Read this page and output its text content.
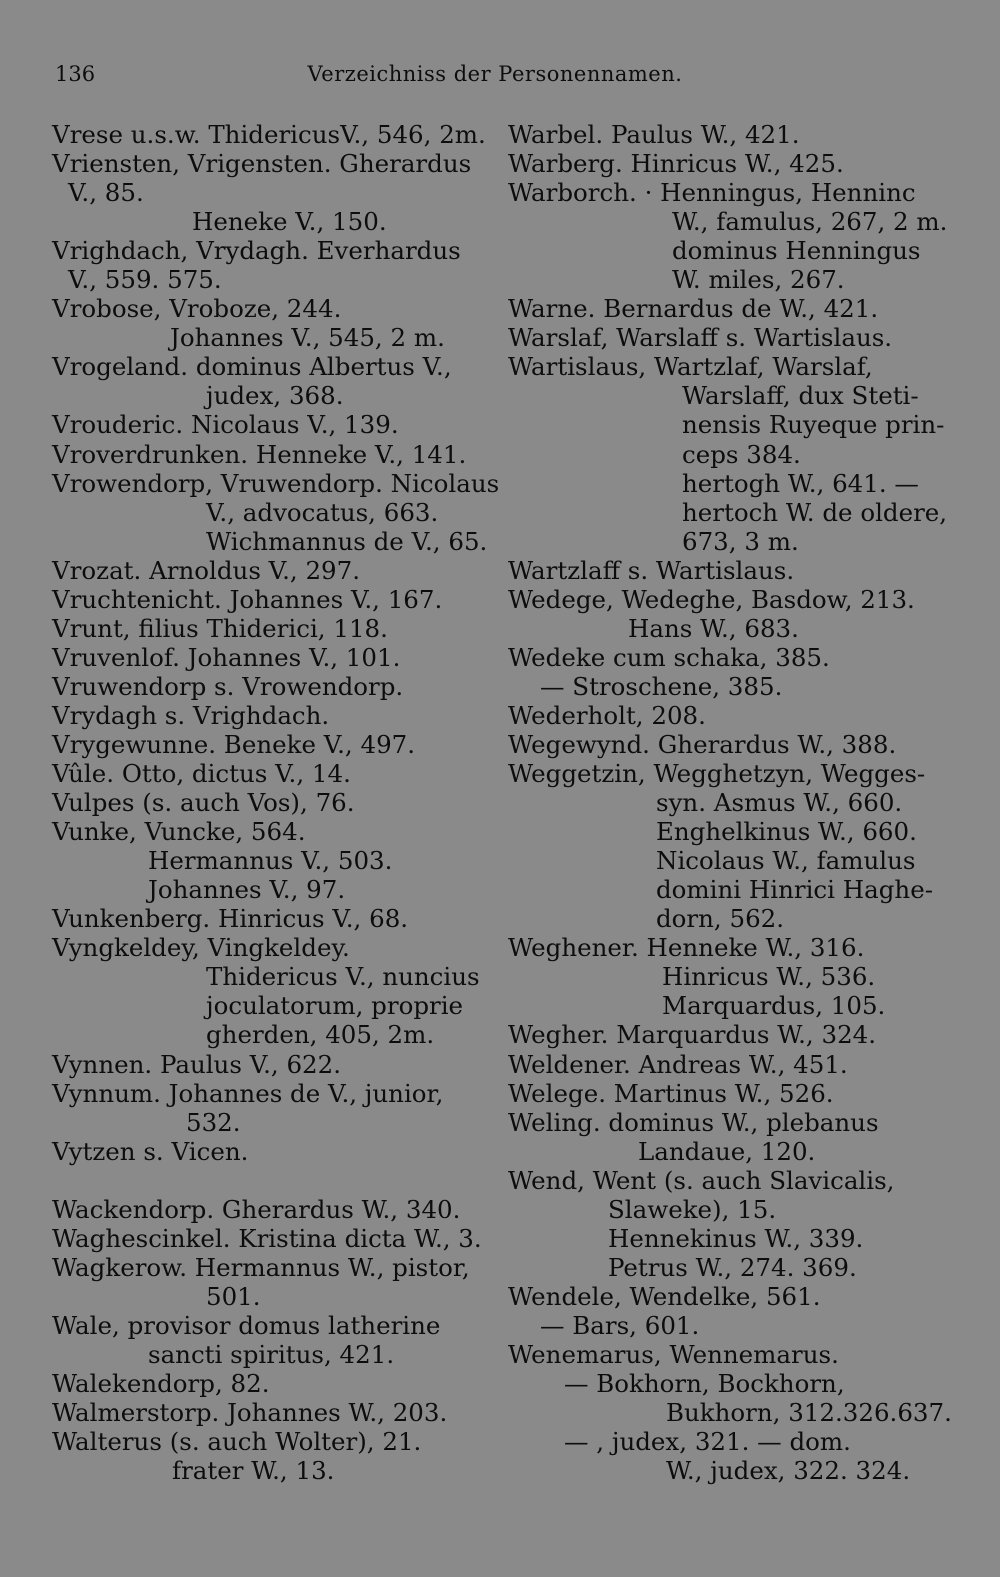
136	Verzeichniss der Personennamen.
Vrese u.s.w. ThidericusV., 546, 2m.
Vriensten, Vrigensten. Gherardus
V., 85.
Heneke V., 150.
Vrighdach, Vrydagh. Everhardus
V., 559. 575.
Vrobose, Vroboze, 244.
Johannes V., 545, 2 m.
Vrogeland. dominus Albertus V.,
judex, 368.
Vrouderic. Nicolaus V., 139.
Vroverdrunken. Henneke V., 141.
Vrowendorp, Vruwendorp. Nicolaus
V., advocatus, 663.
Wichmannus de V., 65.
Vrozat. Arnoldus V., 297.
Vruchtenicht. Johannes V., 167.
Vrunt, filius Thiderici, 118.
Vruvenlof. Johannes V., 101.
Vruwendorp s. Vrowendorp.
Vrydagh s. Vrighdach.
Vrygewunne. Beneke V., 497.
Vûle. Otto, dictus V., 14.
Vulpes (s. auch Vos), 76.
Vunke, Vuncke, 564.
Hermannus V., 503.
Johannes V., 97.
Vunkenberg. Hinricus V., 68.
Vyngkeldey, Vingkeldey.
Thidericus V., nuncius
joculatorum, proprie
gherden, 405, 2m.
Vynnen. Paulus V., 622.
Vynnum. Johannes de V., junior,
532.
Vytzen s. Vicen.
Wackendorp. Gherardus W., 340.
Waghescinkel. Kristina dicta W., 3.
Wagkerow. Hermannus W., pistor,
501.
Wale, provisor domus latherine
sancti spiritus, 421.
Walekendorp, 82.
Walmerstorp. Johannes W., 203.
Walterus (s. auch Wolter), 21.
frater W., 13.
Warbel. Paulus W., 421.
Warberg. Hinricus W., 425.
Warborch. · Henningus, Henninc
W., famulus, 267, 2 m.
dominus Henningus
W. miles, 267.
Warne. Bernardus de W., 421.
Warslaf, Warslaff s. Wartislaus.
Wartislaus, Wartzlaf, Warslaf,
Warslaff, dux Steti-
nensis Ruyeque prin-
ceps 384.
hertogh W., 641. —
hertoch W. de oldere,
673, 3 m.
Wartzlaff s. Wartislaus.
Wedege, Wedeghe, Basdow, 213.
Hans W., 683.
Wedeke cum schaka, 385.
— Stroschene, 385.
Wederholt, 208.
Wegewynd. Gherardus W., 388.
Weggetzin, Wegghetzyn, Wegges-
syn. Asmus W., 660.
Enghelkinus W., 660.
Nicolaus W., famulus
domini Hinrici Haghe-
dorn, 562.
Weghener. Henneke W., 316.
Hinricus W., 536.
Marquardus, 105.
Wegher. Marquardus W., 324.
Weldener. Andreas W., 451.
Welege. Martinus W., 526.
Weling. dominus W., plebanus
Landaue, 120.
Wend, Went (s. auch Slavicalis,
Slaweke), 15.
Hennekinus W., 339.
Petrus W., 274. 369.
Wendele, Wendelke, 561.
— Bars, 601.
Wenemarus, Wennemarus.
— Bokhorn, Bockhorn,
Bukhorn, 312.326.637.
— , judex, 321. — dom.
W., judex, 322. 324.
